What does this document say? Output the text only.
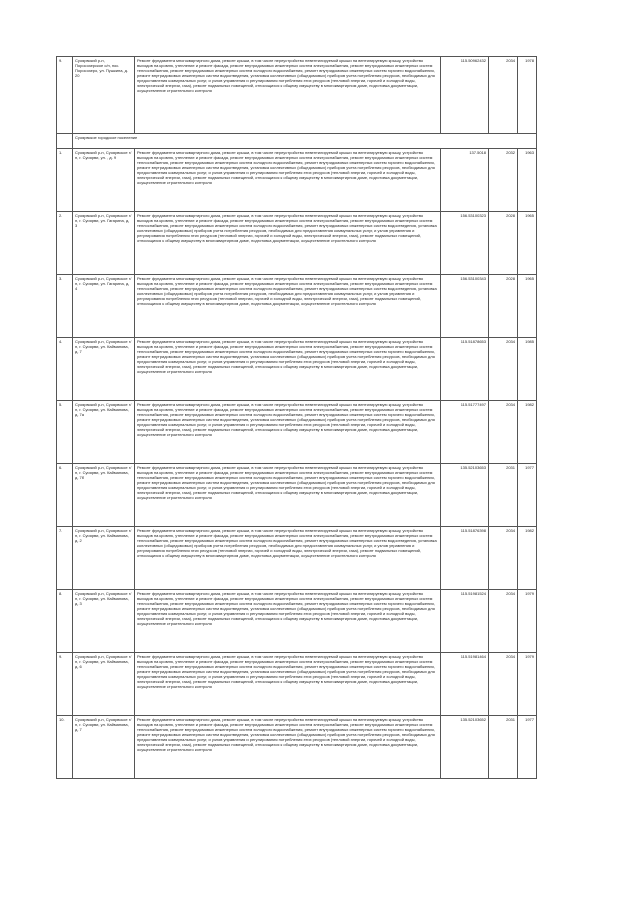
9.	Суоярвский р-н, Поросозерское с/п, пос. Поросозеро, ул. Пушкина, д. 20	Ремонт фундамента многоквартирного дома, ремонт крыши, в том числе переустройство невентилируемой крыши на вентилируемую крышу, устройство выходов на кровлю, утепление и ремонт фасада, ремонт внутридомовых инженерных систем электроснабжения, ремонт внутридомовых инженерных систем теплоснабжения, ремонт внутридомовых инженерных систем холодного водоснабжения, ремонт внутридомовых инженерных систем горячего водоснабжения, ремонт внутридомовых инженерных систем водоотведения, установка коллективных (общедомовых) приборов учета потребления ресурсов, необходимых для предоставления коммунальных услуг, и узлов управления и регулирования потребления этих ресурсов (тепловой энергии, горячей и холодной воды, электрической энергии, газа), ремонт подвальных помещений, относящихся к общему имуществу в многоквартирном доме, подготовка документации, осуществление строительного контроля	115.50962432	2034	1978
	Суоярвское городское поселение				
1.	Суоярвский р-н, Суоярвское г/п, г. Суоярви, ул. , д. 9	Ремонт фундамента многоквартирного дома, ремонт крыши, в том числе переустройство невентилируемой крыши на вентилируемую крышу, устройство выходов на кровлю, утепление и ремонт фасада, ремонт внутридомовых инженерных систем электроснабжения, ремонт внутридомовых инженерных систем теплоснабжения, ремонт внутридомовых инженерных систем холодного водоснабжения, ремонт внутридомовых инженерных систем горячего водоснабжения, ремонт внутридомовых инженерных систем водоотведения, установка коллективных (общедомовых) приборов учета потребления ресурсов, необходимых для предоставления коммунальных услуг, и узлов управления и регулирования потребления этих ресурсов (тепловой энергии, горячей и холодной воды, электрической энергии, газа), ремонт подвальных помещений, относящихся к общему имуществу в многоквартирном доме, подготовка документации, осуществление строительного контроля	137.5018	2032	1963
2.	Суоярвский р-н, Суоярвское г/п, г. Суоярви, ул. Гагарина, д. 3	Ремонт фундамента многоквартирного дома, ремонт крыши, в том числе переустройство невентилируемой крыши на вентилируемую крышу, устройство выходов на кровлю, утепление и ремонт фасада, ремонт внутридомовых инженерных систем электроснабжения, ремонт внутридомовых инженерных систем теплоснабжения, ремонт внутридомовых инженерных систем холодного водоснабжения, ремонт внутридомовых инженерных систем водоотведения, установка коллективных (общедомовых) приборов учета потребления ресурсов, необходимых для предоставления коммунальных услуг, и узлов управления и регулирования потребления этих ресурсов (тепловой энергии, горячей и холодной воды, электрической энергии, газа), ремонт подвальных помещений, относящихся к общему имуществу в многоквартирном доме, подготовка документации, осуществление строительного контроля	156.53100323	2028	1965
3.	Суоярвский р-н, Суоярвское г/п, г. Суоярви, ул. Гагарина, д. 4	Ремонт фундамента многоквартирного дома, ремонт крыши, в том числе переустройство невентилируемой крыши на вентилируемую крышу, устройство выходов на кровлю, утепление и ремонт фасада, ремонт внутридомовых инженерных систем электроснабжения, ремонт внутридомовых инженерных систем теплоснабжения, ремонт внутридомовых инженерных систем холодного водоснабжения, ремонт внутридомовых инженерных систем водоотведения, установка коллективных (общедомовых) приборов учета потребления ресурсов, необходимых для предоставления коммунальных услуг, и узлов управления и регулирования потребления этих ресурсов (тепловой энергии, горячей и холодной воды, электрической энергии, газа), ремонт подвальных помещений, относящихся к общему имуществу в многоквартирном доме, подготовка документации, осуществление строительного контроля	156.53100343	2028	1965
4.	Суоярвский р-н, Суоярвское г/п, г. Суоярви, ул. Кайманова, д. 7	Ремонт фундамента многоквартирного дома, ремонт крыши, в том числе переустройство невентилируемой крыши на вентилируемую крышу, устройство выходов на кровлю, утепление и ремонт фасада, ремонт внутридомовых инженерных систем электроснабжения, ремонт внутридомовых инженерных систем теплоснабжения, ремонт внутридомовых инженерных систем холодного водоснабжения, ремонт внутридомовых инженерных систем горячего водоснабжения, ремонт внутридомовых инженерных систем водоотведения, установка коллективных (общедомовых) приборов учета потребления ресурсов, необходимых для предоставления коммунальных услуг, и узлов управления и регулирования потребления этих ресурсов (тепловой энергии, горячей и холодной воды, электрической энергии, газа), ремонт подвальных помещений, относящихся к общему имуществу в многоквартирном доме, подготовка документации, осуществление строительного контроля	115.51878653	2034	1985
5.	Суоярвский р-н, Суоярвское г/п, г. Суоярви, ул. Кайманова, д. 7а	Ремонт фундамента многоквартирного дома, ремонт крыши, в том числе переустройство невентилируемой крыши на вентилируемую крышу, устройство выходов на кровлю, утепление и ремонт фасада, ремонт внутридомовых инженерных систем электроснабжения, ремонт внутридомовых инженерных систем теплоснабжения, ремонт внутридомовых инженерных систем холодного водоснабжения, ремонт внутридомовых инженерных систем горячего водоснабжения, ремонт внутридомовых инженерных систем водоотведения, установка коллективных (общедомовых) приборов учета потребления ресурсов, необходимых для предоставления коммунальных услуг, и узлов управления и регулирования потребления этих ресурсов (тепловой энергии, горячей и холодной воды, электрической энергии, газа), ремонт подвальных помещений, относящихся к общему имуществу в многоквартирном доме, подготовка документации, осуществление строительного контроля	115.51777497	2034	1982
6.	Суоярвский р-н, Суоярвское г/п, г. Суоярви, ул. Кайманова, д. 7б	Ремонт фундамента многоквартирного дома, ремонт крыши, в том числе переустройство невентилируемой крыши на вентилируемую крышу, устройство выходов на кровлю, утепление и ремонт фасада, ремонт внутридомовых инженерных систем электроснабжения, ремонт внутридомовых инженерных систем теплоснабжения, ремонт внутридомовых инженерных систем холодного водоснабжения, ремонт внутридомовых инженерных систем горячего водоснабжения, ремонт внутридомовых инженерных систем водоотведения, установка коллективных (общедомовых) приборов учета потребления ресурсов, необходимых для предоставления коммунальных услуг, и узлов управления и регулирования потребления этих ресурсов (тепловой энергии, горячей и холодной воды, электрической энергии, газа), ремонт подвальных помещений, относящихся к общему имуществу в многоквартирном доме, подготовка документации, осуществление строительного контроля	135.52103653	2031	1977
7.	Суоярвский р-н, Суоярвское г/п, г. Суоярви, ул. Кайманова, д. 2	Ремонт фундамента многоквартирного дома, ремонт крыши, в том числе переустройство невентилируемой крыши на вентилируемую крышу, устройство выходов на кровлю, утепление и ремонт фасада, ремонт внутридомовых инженерных систем электроснабжения, ремонт внутридомовых инженерных систем теплоснабжения, ремонт внутридомовых инженерных систем холодного водоснабжения, ремонт внутридомовых инженерных систем водоотведения, установка коллективных (общедомовых) приборов учета потребления ресурсов, необходимых для предоставления коммунальных услуг, и узлов управления и регулирования потребления этих ресурсов (тепловой энергии, горячей и холодной воды, электрической энергии, газа), ремонт подвальных помещений, относящихся к общему имуществу в многоквартирном доме, подготовка документации, осуществление строительного контроля	115.51876398	2034	1982
8.	Суоярвский р-н, Суоярвское г/п, г. Суоярви, ул. Кайманова, д. 3	Ремонт фундамента многоквартирного дома, ремонт крыши, в том числе переустройство невентилируемой крыши на вентилируемую крышу, устройство выходов на кровлю, утепление и ремонт фасада, ремонт внутридомовых инженерных систем электроснабжения, ремонт внутридомовых инженерных систем теплоснабжения, ремонт внутридомовых инженерных систем холодного водоснабжения, ремонт внутридомовых инженерных систем горячего водоснабжения, ремонт внутридомовых инженерных систем водоотведения, установка коллективных (общедомовых) приборов учета потребления ресурсов, необходимых для предоставления коммунальных услуг, и узлов управления и регулирования потребления этих ресурсов (тепловой энергии, горячей и холодной воды, электрической энергии, газа), ремонт подвальных помещений, относящихся к общему имуществу в многоквартирном доме, подготовка документации, осуществление строительного контроля	115.51981524	2034	1979
9.	Суоярвский р-н, Суоярвское г/п, г. Суоярви, ул. Кайманова, д. 6	Ремонт фундамента многоквартирного дома, ремонт крыши, в том числе переустройство невентилируемой крыши на вентилируемую крышу, устройство выходов на кровлю, утепление и ремонт фасада, ремонт внутридомовых инженерных систем электроснабжения, ремонт внутридомовых инженерных систем теплоснабжения, ремонт внутридомовых инженерных систем холодного водоснабжения, ремонт внутридомовых инженерных систем горячего водоснабжения, ремонт внутридомовых инженерных систем водоотведения, установка коллективных (общедомовых) приборов учета потребления ресурсов, необходимых для предоставления коммунальных услуг, и узлов управления и регулирования потребления этих ресурсов (тепловой энергии, горячей и холодной воды, электрической энергии, газа), ремонт подвальных помещений, относящихся к общему имуществу в многоквартирном доме, подготовка документации, осуществление строительного контроля	115.51981464	2034	1979
10.	Суоярвский р-н, Суоярвское г/п, г. Суоярви, ул. Кайманова, д. 7	Ремонт фундамента многоквартирного дома, ремонт крыши, в том числе переустройство невентилируемой крыши на вентилируемую крышу, устройство выходов на кровлю, утепление и ремонт фасада, ремонт внутридомовых инженерных систем электроснабжения, ремонт внутридомовых инженерных систем теплоснабжения, ремонт внутридомовых инженерных систем холодного водоснабжения, ремонт внутридомовых инженерных систем горячего водоснабжения, ремонт внутридомовых инженерных систем водоотведения, установка коллективных (общедомовых) приборов учета потребления ресурсов, необходимых для предоставления коммунальных услуг, и узлов управления и регулирования потребления этих ресурсов (тепловой энергии, горячей и холодной воды, электрической энергии, газа), ремонт подвальных помещений, относящихся к общему имуществу в многоквартирном доме, подготовка документации, осуществление строительного контроля	135.52103652	2031	1977
